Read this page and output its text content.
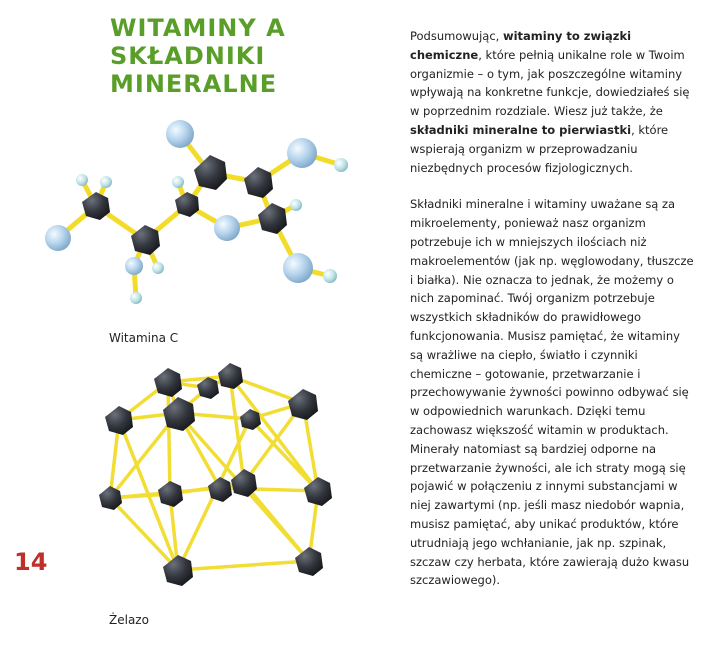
WITAMINY A SKŁADNIKI
MINERALNE
Witamina C
Żelazo
14

Podsumowując, witaminy to związki chemiczne, które pełnią unikalne role w Twoim organizmie – o tym, jak poszczególne witaminy wpływają na konkretne funkcje, dowiedziałeś się w poprzednim rozdziale. Wiesz już także, że składniki mineralne to pierwiastki, które wspierają organizm w przeprowadzaniu niezbędnych procesów fizjologicznych.

Składniki mineralne i witaminy uważane są za mikroelementy, ponieważ nasz organizm potrzebuje ich w mniejszych ilościach niż makroelementów (jak np. węglowodany, tłuszcze i białka). Nie oznacza to jednak, że możemy o nich zapominać. Twój organizm potrzebuje wszystkich składników do prawidłowego funkcjonowania. Musisz pamiętać, że witaminy są wrażliwe na ciepło, światło i czynniki chemiczne – gotowanie, przetwarzanie i przechowywanie żywności powinno odbywać się w odpowiednich warunkach. Dzięki temu zachowasz większość witamin w produktach. Minerały natomiast są bardziej odporne na przetwarzanie żywności, ale ich straty mogą się pojawić w połączeniu z innymi substancjami w niej zawartymi (np. jeśli masz niedobór wapnia, musisz pamiętać, aby unikać produktów, które utrudniają jego wchłanianie, jak np. szpinak, szczaw czy herbata, które zawierają dużo kwasu szczawiowego).
